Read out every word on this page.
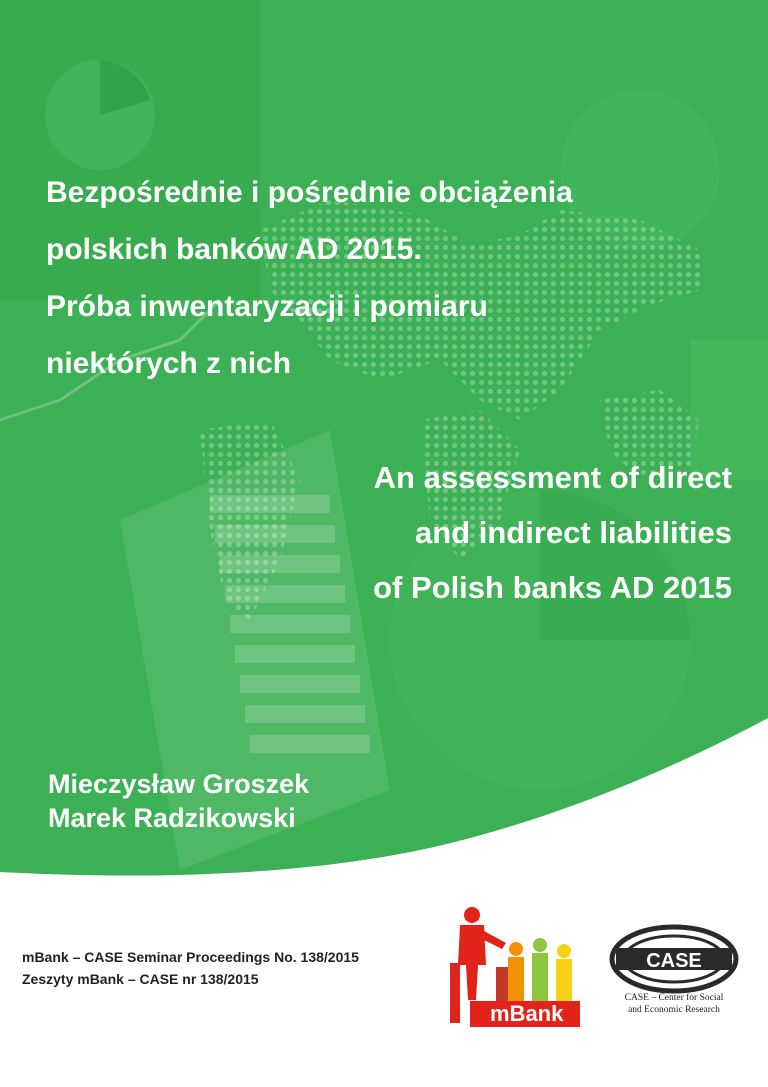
Bezpośrednie i pośrednie obciążenia
polskich banków AD 2015.
Próba inwentaryzacji i pomiaru
niektórych z nich
An assessment of direct
and indirect liabilities
of Polish banks AD 2015
Mieczysław Groszek
Marek Radzikowski
mBank – CASE Seminar Proceedings No. 138/2015
Zeszyty mBank – CASE nr 138/2015
mBank
CASE
CASE – Center for Social
and Economic Research
